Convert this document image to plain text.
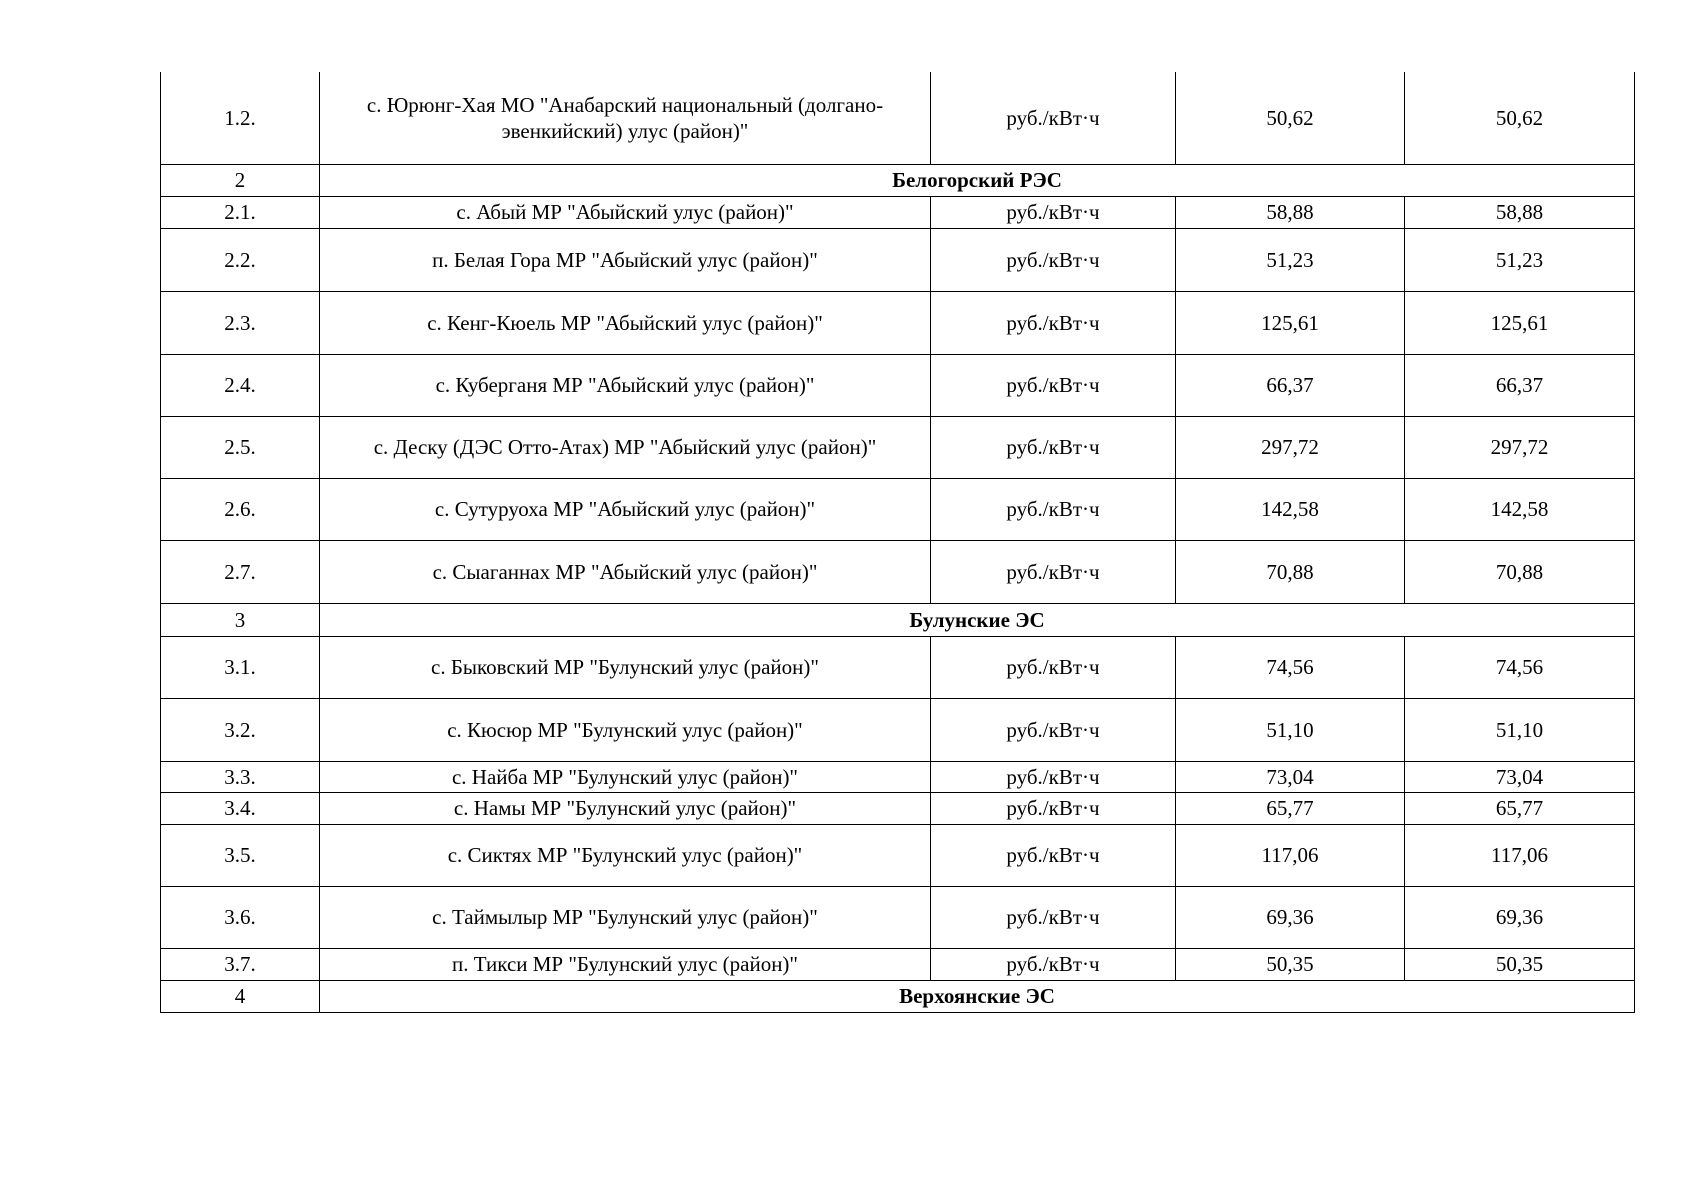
1.2.	с. Юрюнг-Хая МО "Анабарский национальный (долгано-эвенкийский) улус (район)"	руб./кВт·ч	50,62	50,62
2	Белогорский РЭС			
2.1.	с. Абый МР "Абыйский улус (район)"	руб./кВт·ч	58,88	58,88
2.2.	п. Белая Гора МР "Абыйский улус (район)"	руб./кВт·ч	51,23	51,23
2.3.	с. Кенг-Кюель МР "Абыйский улус (район)"	руб./кВт·ч	125,61	125,61
2.4.	с. Куберганя МР "Абыйский улус (район)"	руб./кВт·ч	66,37	66,37
2.5.	с. Деску (ДЭС Отто-Атах) МР "Абыйский улус (район)"	руб./кВт·ч	297,72	297,72
2.6.	с. Сутуруоха МР "Абыйский улус (район)"	руб./кВт·ч	142,58	142,58
2.7.	с. Сыаганнах МР "Абыйский улус (район)"	руб./кВт·ч	70,88	70,88
3	Булунские ЭС			
3.1.	с. Быковский МР "Булунский улус (район)"	руб./кВт·ч	74,56	74,56
3.2.	с. Кюсюр МР "Булунский улус (район)"	руб./кВт·ч	51,10	51,10
3.3.	с. Найба МР "Булунский улус (район)"	руб./кВт·ч	73,04	73,04
3.4.	с. Намы МР "Булунский улус (район)"	руб./кВт·ч	65,77	65,77
3.5.	с. Сиктях МР "Булунский улус (район)"	руб./кВт·ч	117,06	117,06
3.6.	с. Таймылыр МР "Булунский улус (район)"	руб./кВт·ч	69,36	69,36
3.7.	п. Тикси МР "Булунский улус (район)"	руб./кВт·ч	50,35	50,35
4	Верхоянские ЭС			
